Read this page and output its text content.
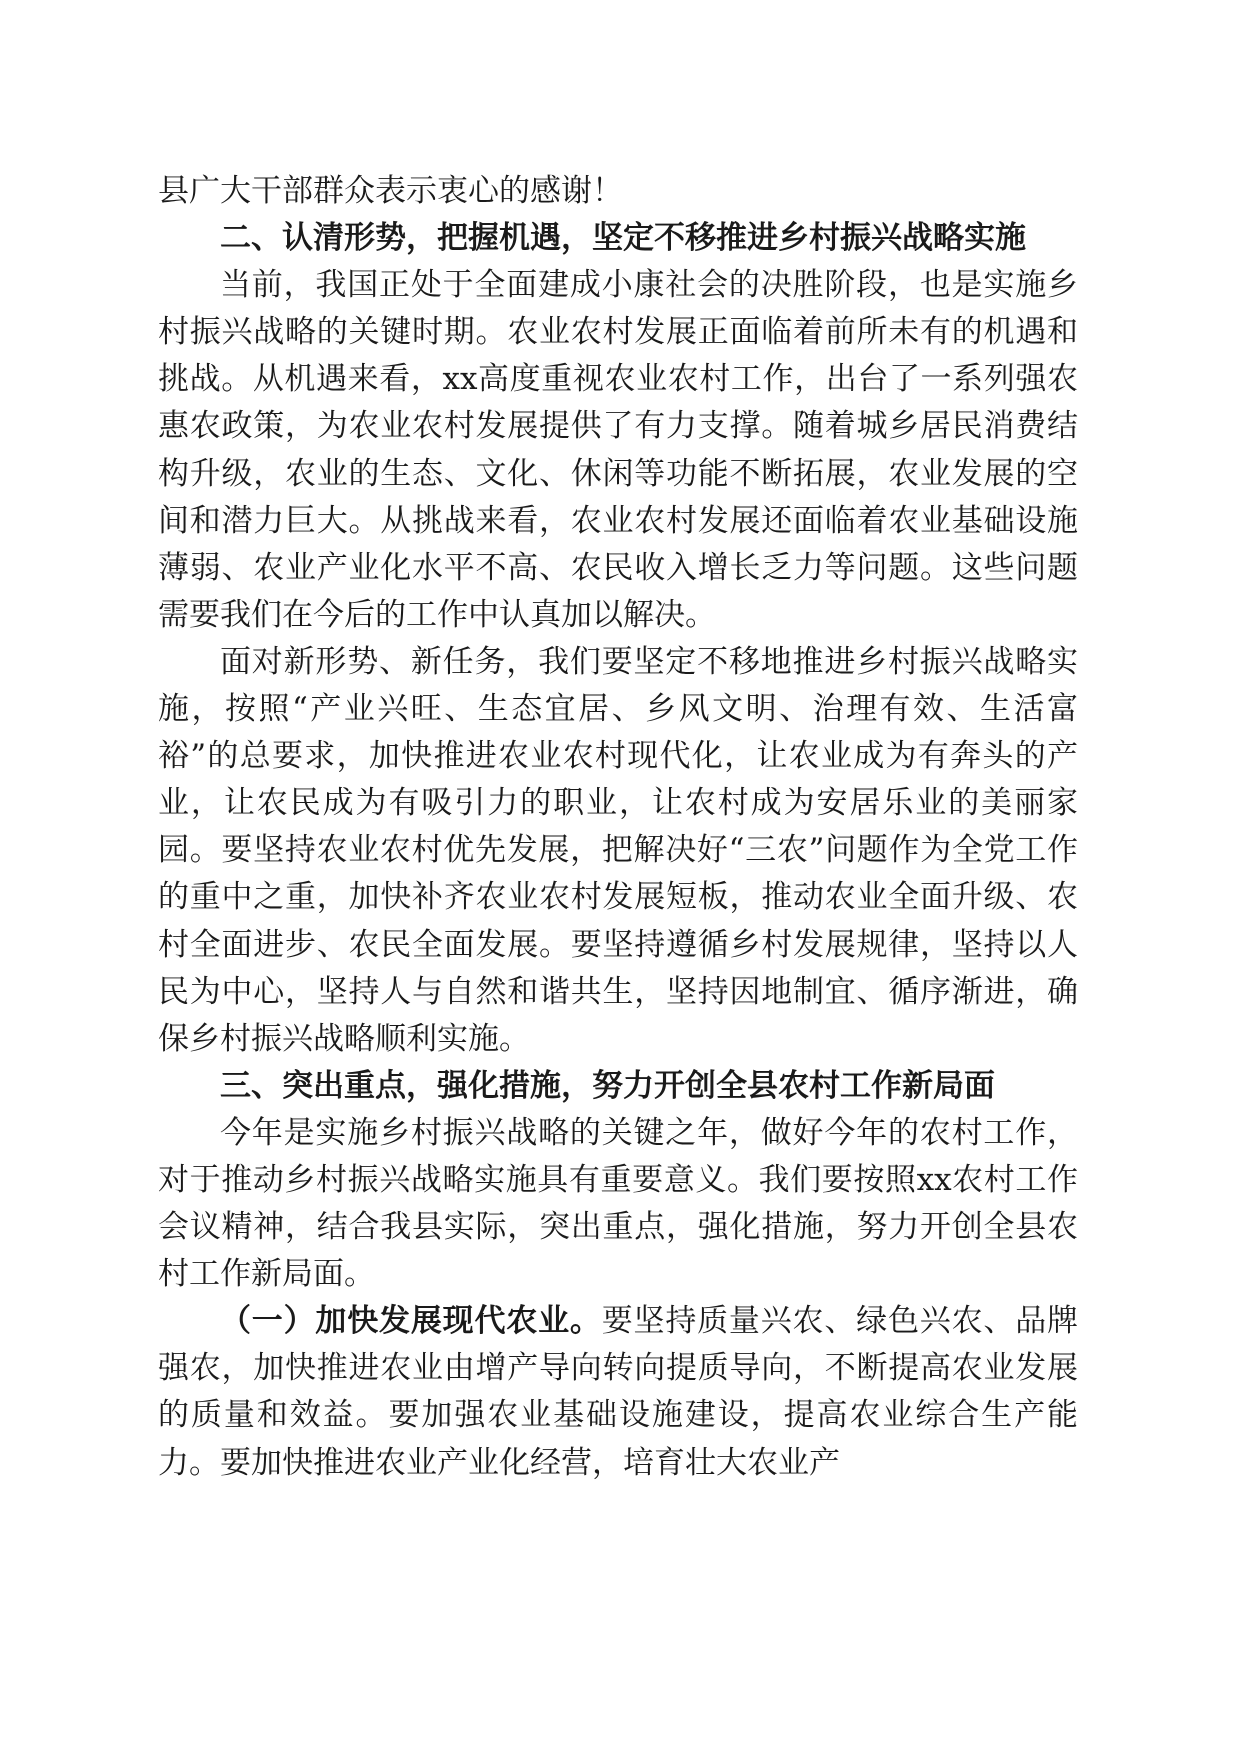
县广大干部群众表示衷心的感谢！

二、认清形势，把握机遇，坚定不移推进乡村振兴战略实施

当前，我国正处于全面建成小康社会的决胜阶段，也是实施乡村振兴战略的关键时期。农业农村发展正面临着前所未有的机遇和挑战。从机遇来看，xx高度重视农业农村工作，出台了一系列强农惠农政策，为农业农村发展提供了有力支撑。随着城乡居民消费结构升级，农业的生态、文化、休闲等功能不断拓展，农业发展的空间和潜力巨大。从挑战来看，农业农村发展还面临着农业基础设施薄弱、农业产业化水平不高、农民收入增长乏力等问题。这些问题需要我们在今后的工作中认真加以解决。

面对新形势、新任务，我们要坚定不移地推进乡村振兴战略实施，按照“产业兴旺、生态宜居、乡风文明、治理有效、生活富裕”的总要求，加快推进农业农村现代化，让农业成为有奔头的产业，让农民成为有吸引力的职业，让农村成为安居乐业的美丽家园。要坚持农业农村优先发展，把解决好“三农”问题作为全党工作的重中之重，加快补齐农业农村发展短板，推动农业全面升级、农村全面进步、农民全面发展。要坚持遵循乡村发展规律，坚持以人民为中心，坚持人与自然和谐共生，坚持因地制宜、循序渐进，确保乡村振兴战略顺利实施。

三、突出重点，强化措施，努力开创全县农村工作新局面

今年是实施乡村振兴战略的关键之年，做好今年的农村工作，对于推动乡村振兴战略实施具有重要意义。我们要按照xx农村工作会议精神，结合我县实际，突出重点，强化措施，努力开创全县农村工作新局面。

（一）加快发展现代农业。要坚持质量兴农、绿色兴农、品牌强农，加快推进农业由增产导向转向提质导向，不断提高农业发展的质量和效益。要加强农业基础设施建设，提高农业综合生产能力。要加快推进农业产业化经营，培育壮大农业产
